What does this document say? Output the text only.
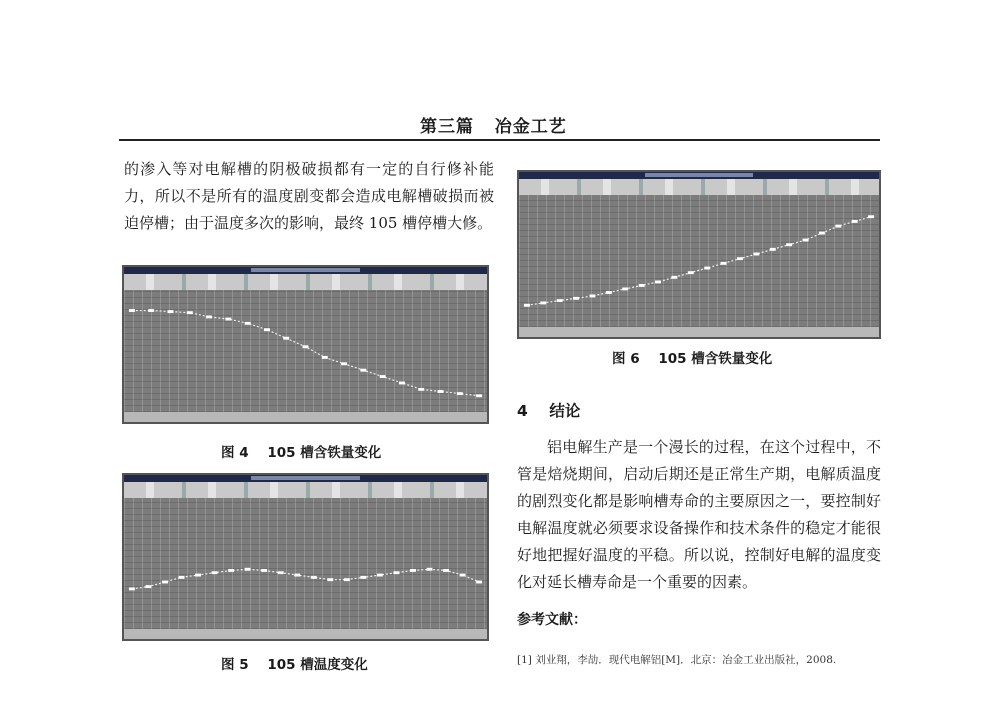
第三篇   冶金工艺

的渗入等对电解槽的阴极破损都有一定的自行修补能力，所以不是所有的温度剧变都会造成电解槽破损而被迫停槽；由于温度多次的影响，最终 105 槽停槽大修。

图 4    105 槽含铁量变化
图 5    105 槽温度变化
图 6    105 槽含铁量变化
4    结论

铝电解生产是一个漫长的过程，在这个过程中，不管是焙烧期间，启动后期还是正常生产期，电解质温度的剧烈变化都是影响槽寿命的主要原因之一，要控制好电解温度就必须要求设备操作和技术条件的稳定才能很好地把握好温度的平稳。所以说，控制好电解的温度变化对延长槽寿命是一个重要的因素。

参考文献：
[1] 刘业翔，李劼．现代电解铝[M]．北京：冶金工业出版社，2008.
